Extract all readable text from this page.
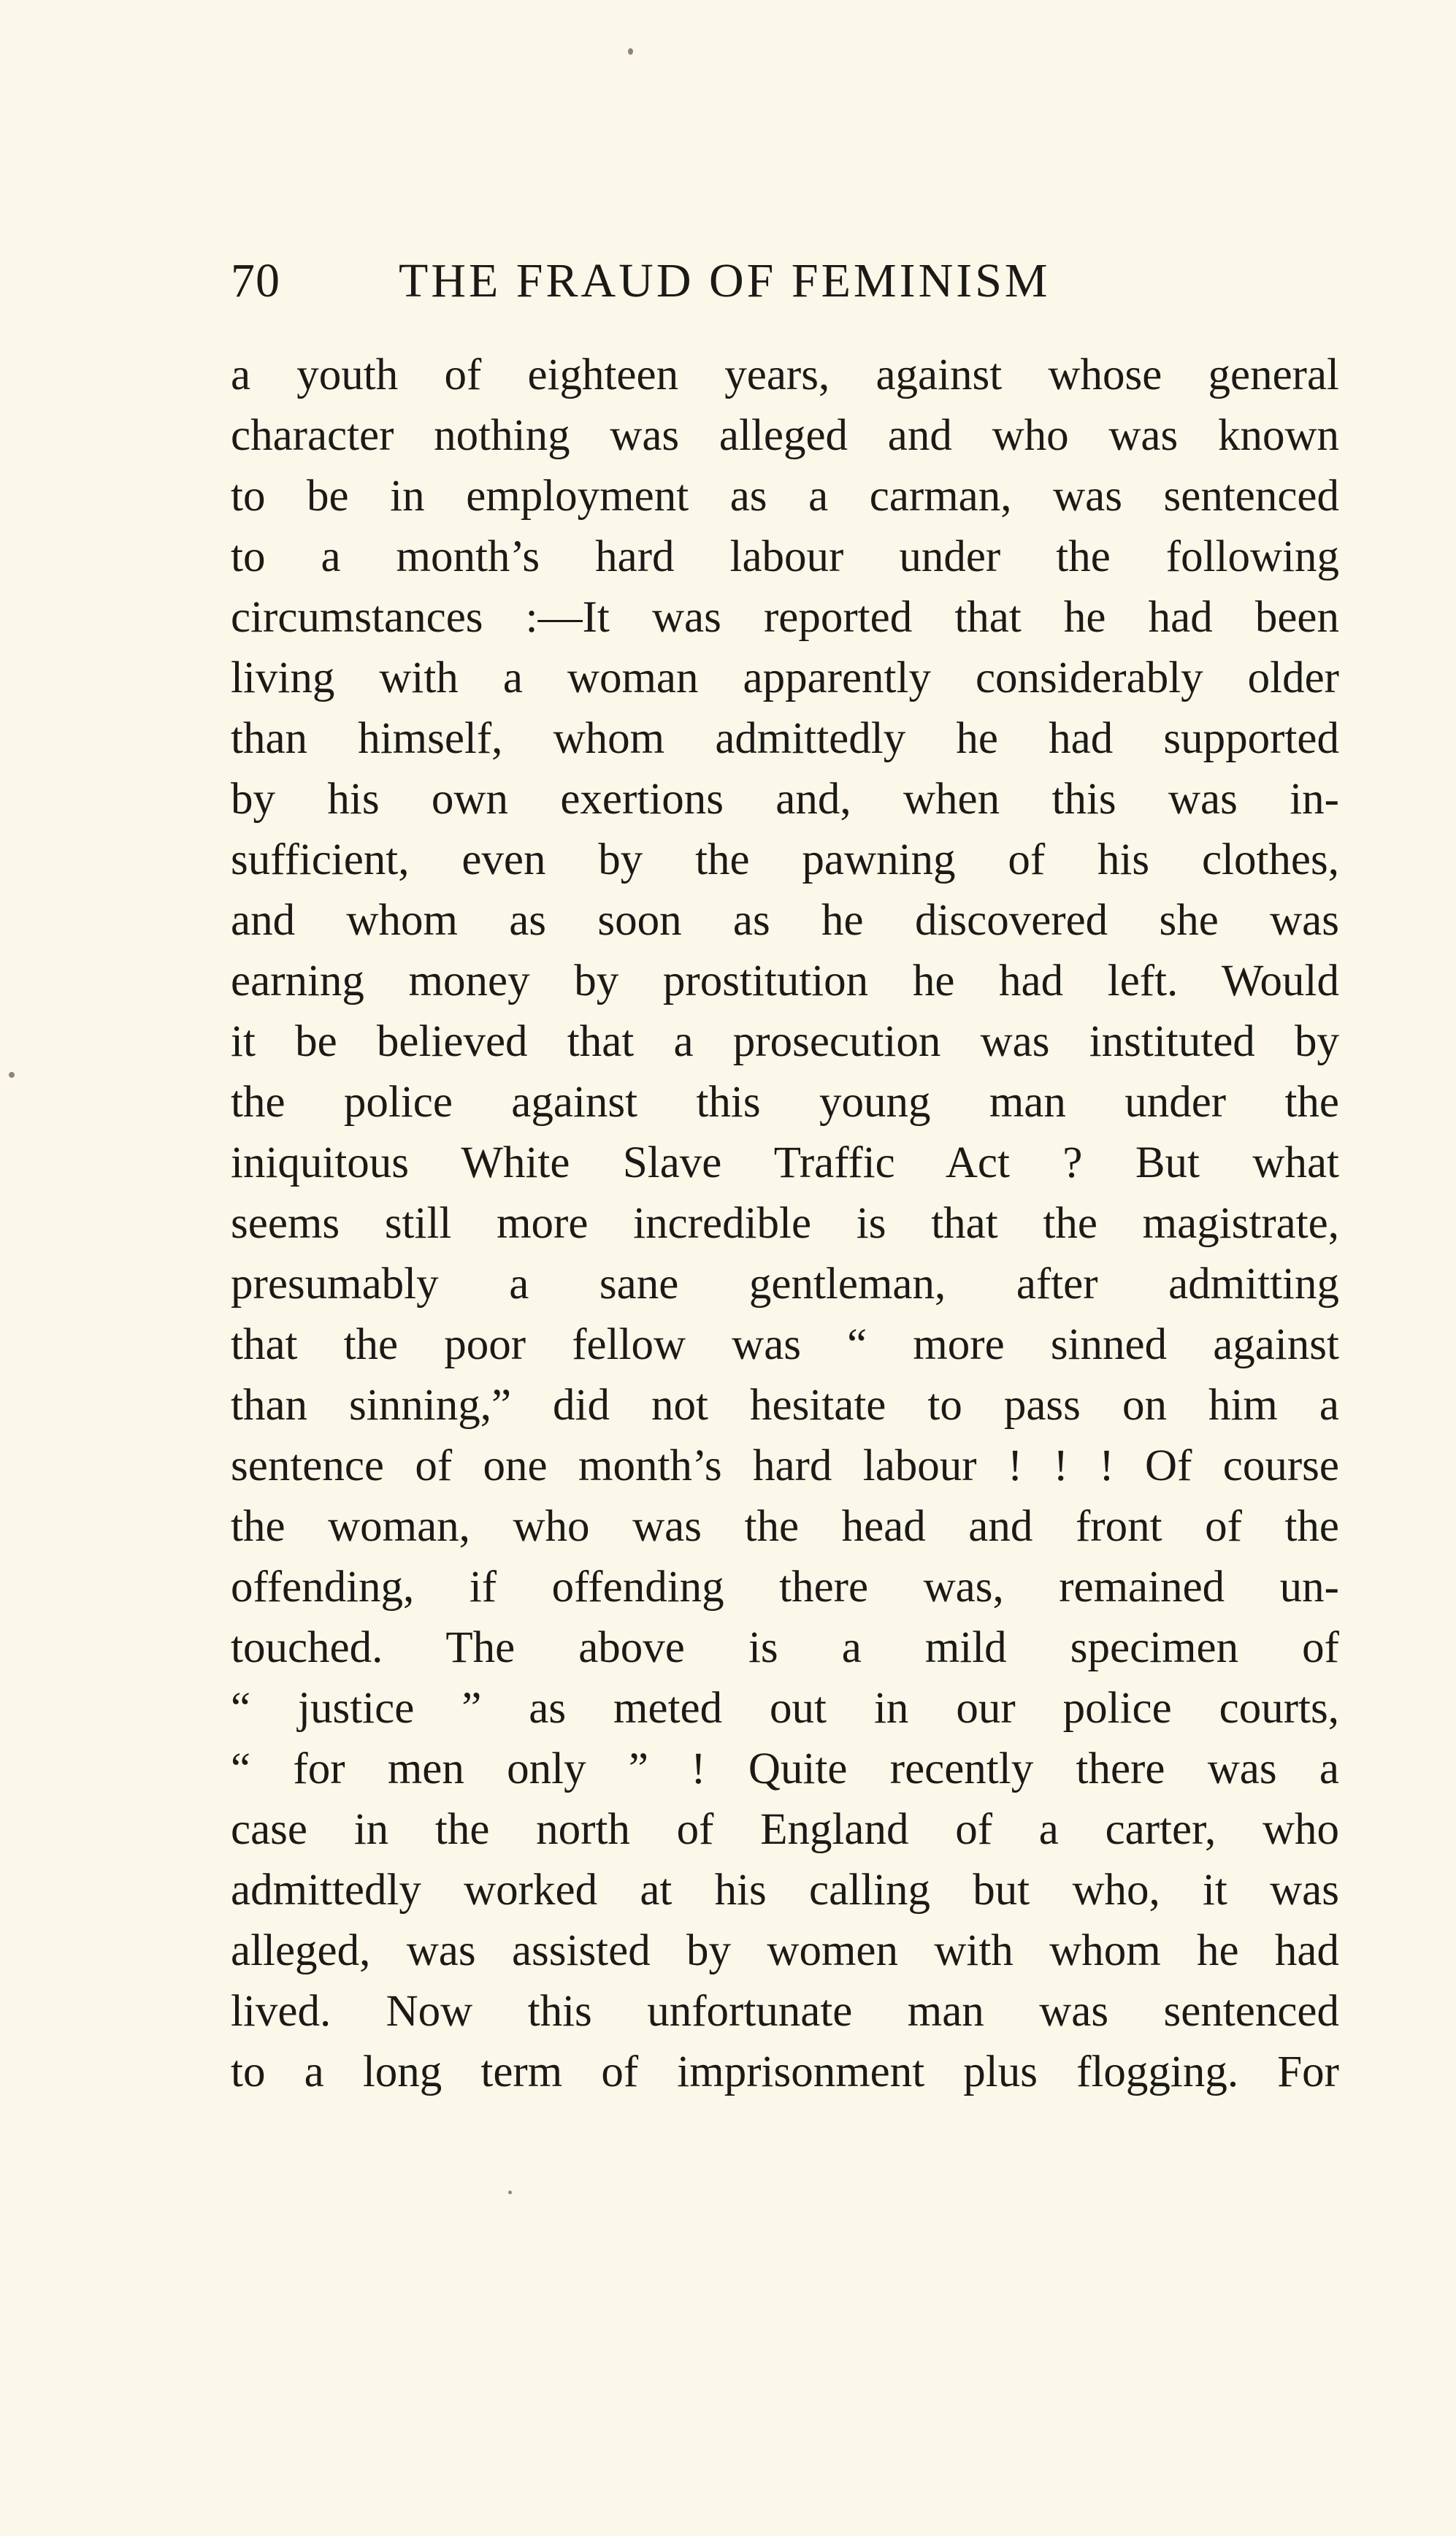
70 THE FRAUD OF FEMINISM
a youth of eighteen years, against whose general
character nothing was alleged and who was known
to be in employment as a carman, was sentenced
to a month’s hard labour under the following
circumstances :—It was reported that he had been
living with a woman apparently considerably older
than himself, whom admittedly he had supported
by his own exertions and, when this was in-
sufficient, even by the pawning of his clothes,
and whom as soon as he discovered she was
earning money by prostitution he had left. Would
it be believed that a prosecution was instituted by
the police against this young man under the
iniquitous White Slave Traffic Act ? But what
seems still more incredible is that the magistrate,
presumably a sane gentleman, after admitting
that the poor fellow was “ more sinned against
than sinning,” did not hesitate to pass on him a
sentence of one month’s hard labour ! ! ! Of course
the woman, who was the head and front of the
offending, if offending there was, remained un-
touched. The above is a mild specimen of
“ justice ” as meted out in our police courts,
“ for men only ” ! Quite recently there was a
case in the north of England of a carter, who
admittedly worked at his calling but who, it was
alleged, was assisted by women with whom he had
lived. Now this unfortunate man was sentenced
to a long term of imprisonment plus flogging. For
